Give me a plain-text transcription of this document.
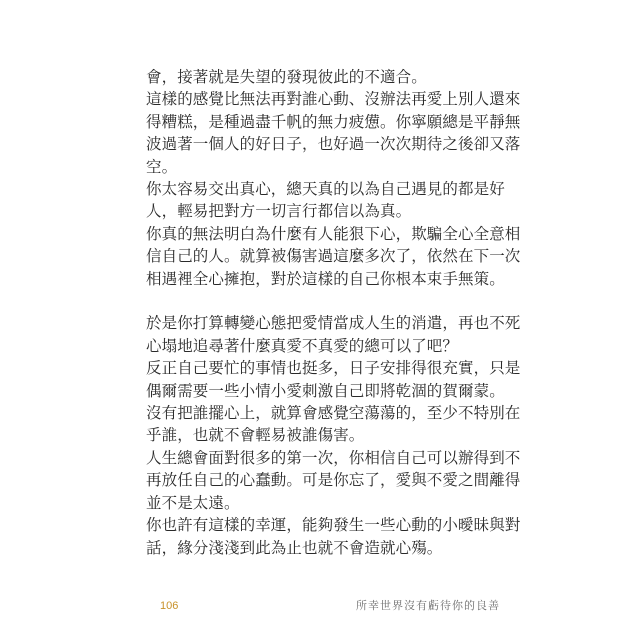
會，接著就是失望的發現彼此的不適合。
這樣的感覺比無法再對誰心動、沒辦法再愛上別人還來
得糟糕，是種過盡千帆的無力疲憊。你寧願總是平靜無
波過著一個人的好日子，也好過一次次期待之後卻又落
空。
你太容易交出真心，總天真的以為自己遇見的都是好
人，輕易把對方一切言行都信以為真。
你真的無法明白為什麼有人能狠下心，欺騙全心全意相
信自己的人。就算被傷害過這麼多次了，依然在下一次
相遇裡全心擁抱，對於這樣的自己你根本束手無策。
於是你打算轉變心態把愛情當成人生的消遣，再也不死
心塌地追尋著什麼真愛不真愛的總可以了吧？
反正自己要忙的事情也挺多，日子安排得很充實，只是
偶爾需要一些小情小愛刺激自己即將乾涸的賀爾蒙。
沒有把誰擺心上，就算會感覺空蕩蕩的，至少不特別在
乎誰，也就不會輕易被誰傷害。
人生總會面對很多的第一次，你相信自己可以辦得到不
再放任自己的心蠢動。可是你忘了，愛與不愛之間離得
並不是太遠。
你也許有這樣的幸運，能夠發生一些心動的小曖昧與對
話，緣分淺淺到此為止也就不會造就心殤。
106	所幸世界沒有虧待你的良善
